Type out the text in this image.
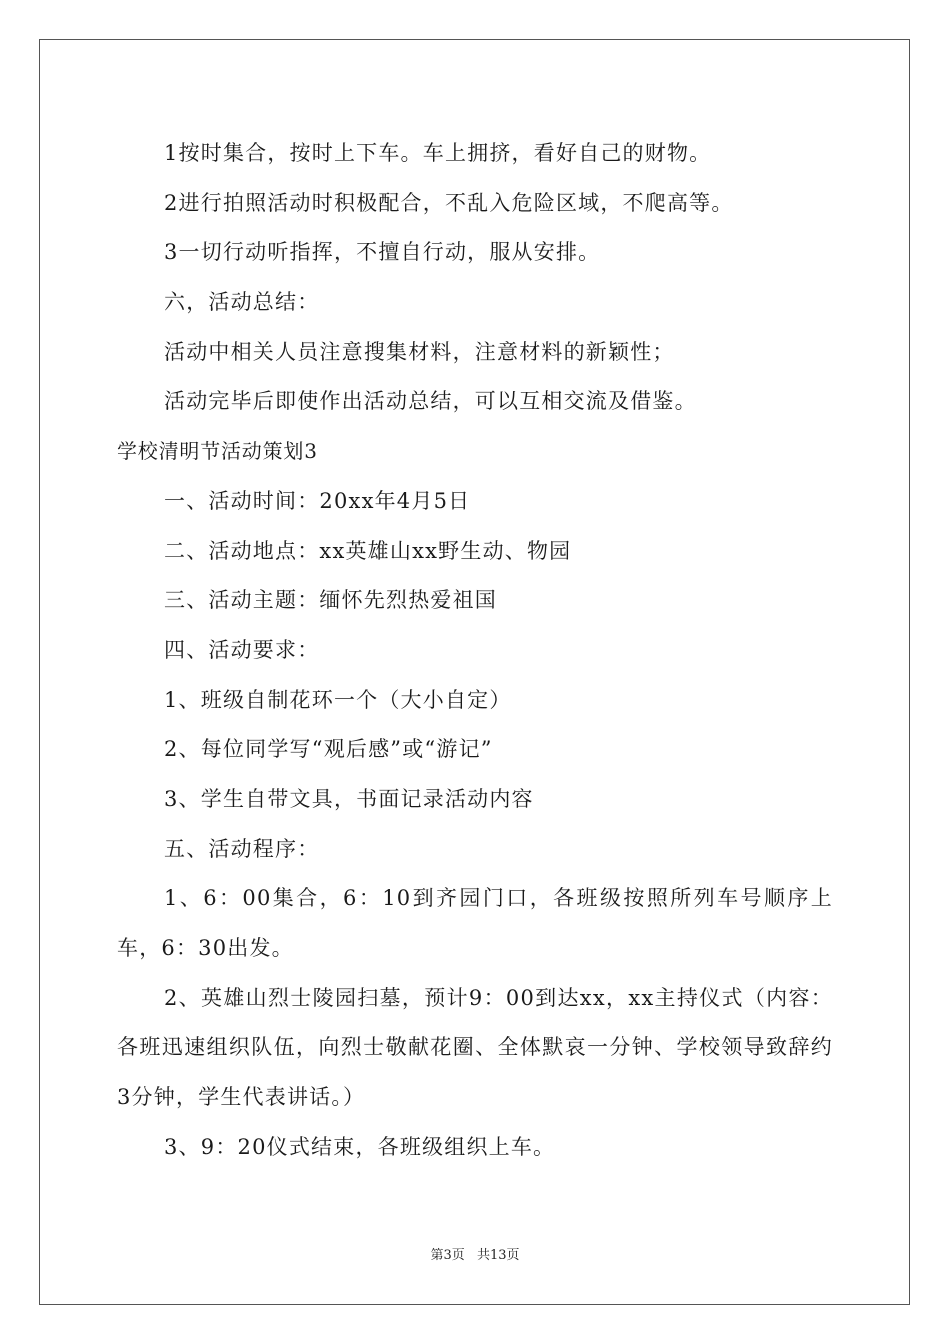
1按时集合，按时上下车。车上拥挤，看好自己的财物。
2进行拍照活动时积极配合，不乱入危险区域，不爬高等。
3一切行动听指挥，不擅自行动，服从安排。
六，活动总结：
活动中相关人员注意搜集材料，注意材料的新颖性；
活动完毕后即使作出活动总结，可以互相交流及借鉴。
学校清明节活动策划3
一、活动时间：20xx年4月5日
二、活动地点：xx英雄山xx野生动、物园
三、活动主题：缅怀先烈热爱祖国
四、活动要求：
1、班级自制花环一个（大小自定）
2、每位同学写“观后感”或“游记”
3、学生自带文具，书面记录活动内容
五、活动程序：
1、6：00集合，6：10到齐园门口，各班级按照所列车号顺序上车，6：30出发。
2、英雄山烈士陵园扫墓，预计9：00到达xx，xx主持仪式（内容：各班迅速组织队伍，向烈士敬献花圈、全体默哀一分钟、学校领导致辞约3分钟，学生代表讲话。）
3、9：20仪式结束，各班级组织上车。
第3页 共13页
